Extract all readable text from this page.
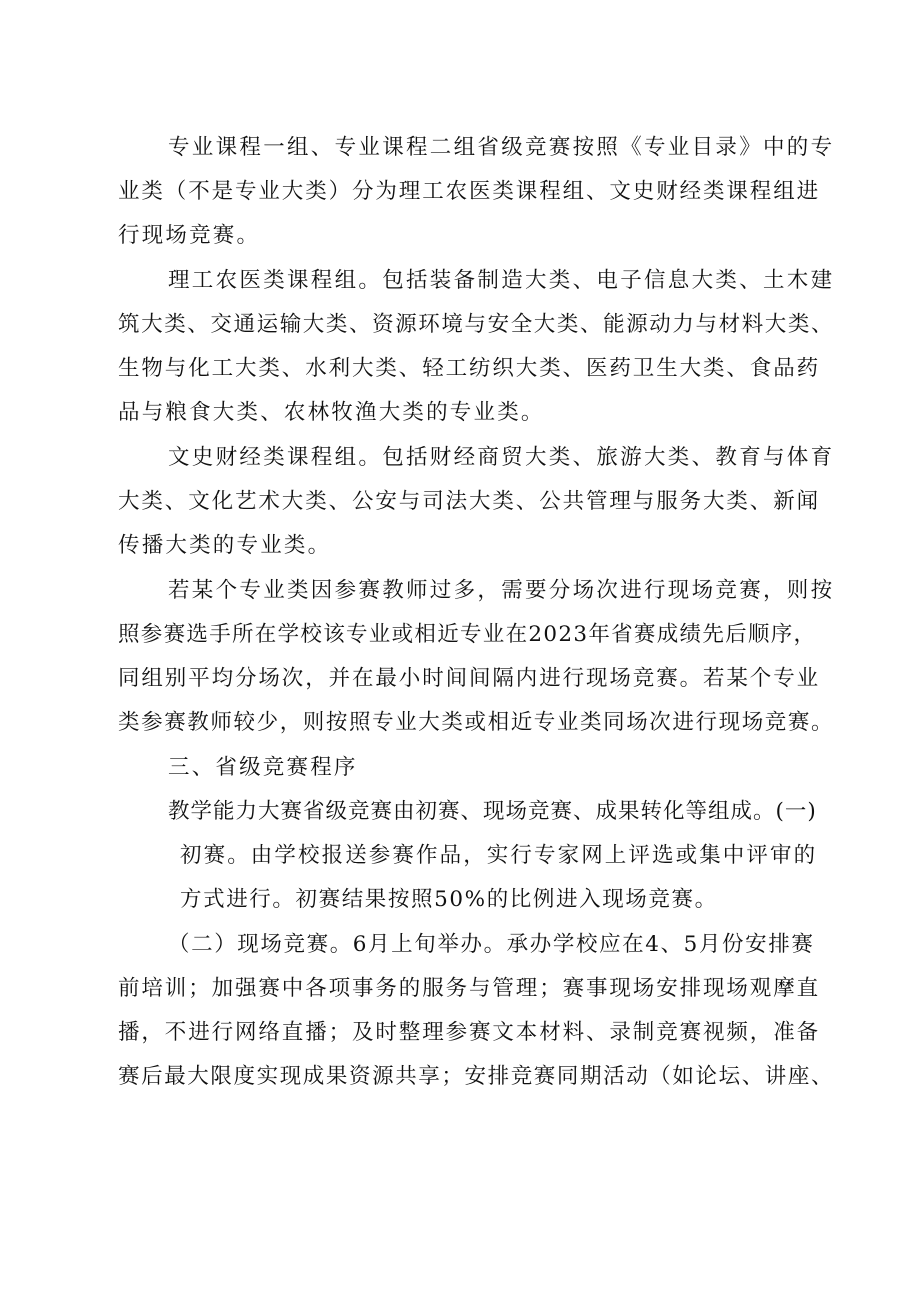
专业课程一组、专业课程二组省级竞赛按照《专业目录》中的专
业类（不是专业大类）分为理工农医类课程组、文史财经类课程组进
行现场竞赛。
理工农医类课程组。包括装备制造大类、电子信息大类、土木建
筑大类、交通运输大类、资源环境与安全大类、能源动力与材料大类、
生物与化工大类、水利大类、轻工纺织大类、医药卫生大类、食品药
品与粮食大类、农林牧渔大类的专业类。
文史财经类课程组。包括财经商贸大类、旅游大类、教育与体育
大类、文化艺术大类、公安与司法大类、公共管理与服务大类、新闻
传播大类的专业类。
若某个专业类因参赛教师过多，需要分场次进行现场竞赛，则按
照参赛选手所在学校该专业或相近专业在2023年省赛成绩先后顺序，
同组别平均分场次，并在最小时间间隔内进行现场竞赛。若某个专业
类参赛教师较少，则按照专业大类或相近专业类同场次进行现场竞赛。
三、省级竞赛程序
教学能力大赛省级竞赛由初赛、现场竞赛、成果转化等组成。(一)
初赛。由学校报送参赛作品，实行专家网上评选或集中评审的
方式进行。初赛结果按照50%的比例进入现场竞赛。
（二）现场竞赛。6月上旬举办。承办学校应在4、5月份安排赛
前培训；加强赛中各项事务的服务与管理；赛事现场安排现场观摩直
播，不进行网络直播；及时整理参赛文本材料、录制竞赛视频，准备
赛后最大限度实现成果资源共享；安排竞赛同期活动（如论坛、讲座、
